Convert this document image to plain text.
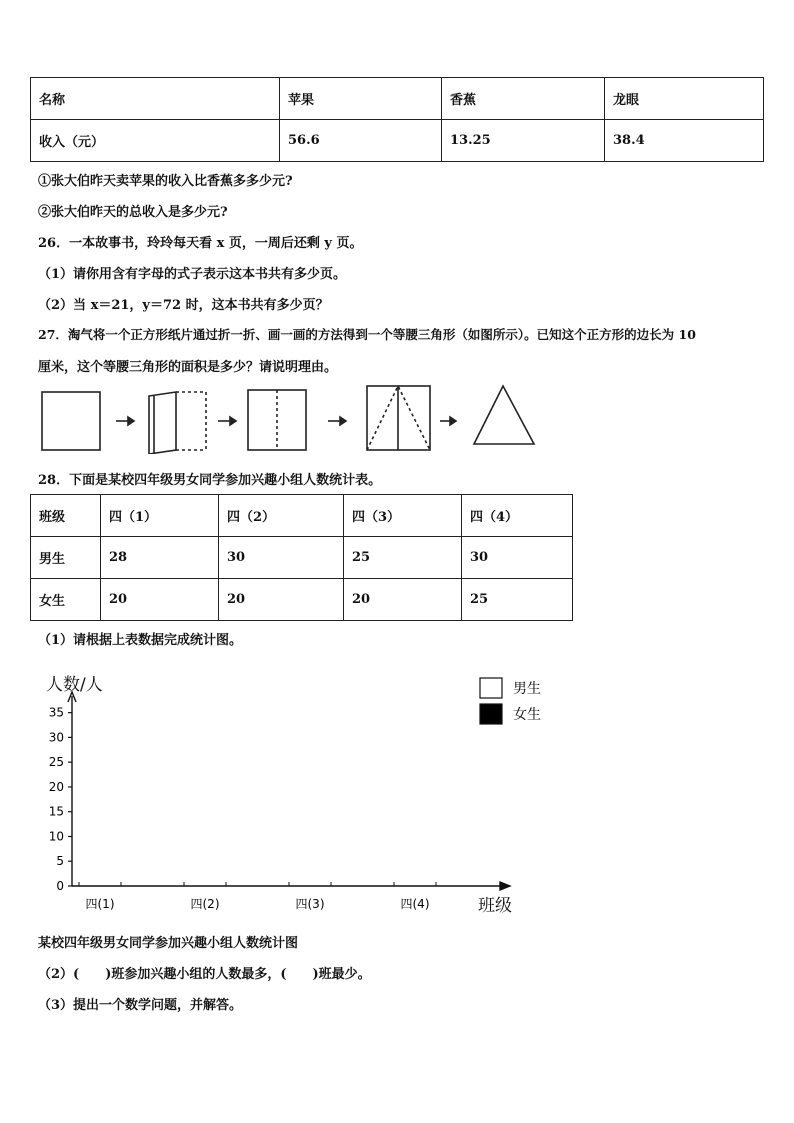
名称	苹果	香蕉	龙眼
收入（元）	56.6	13.25	38.4
①张大伯昨天卖苹果的收入比香蕉多多少元?
②张大伯昨天的总收入是多少元?
26．一本故事书，玲玲每天看 x 页，一周后还剩 y 页。
（1）请你用含有字母的式子表示这本书共有多少页。
（2）当 x＝21，y＝72 时，这本书共有多少页？
27．淘气将一个正方形纸片通过折一折、画一画的方法得到一个等腰三角形（如图所示）。已知这个正方形的边长为 10
厘米，这个等腰三角形的面积是多少？请说明理由。
28．下面是某校四年级男女同学参加兴趣小组人数统计表。
班级	四（1）	四（2）	四（3）	四（4）
男生	28	30	25	30
女生	20	20	20	25
（1）请根据上表数据完成统计图。
人数/人
班级
0
5
10
15
20
25
30
35
四(1)	四(2)	四(3)	四(4)
男生
女生
某校四年级男女同学参加兴趣小组人数统计图
（2）(　　)班参加兴趣小组的人数最多，(　　)班最少。
（3）提出一个数学问题，并解答。
